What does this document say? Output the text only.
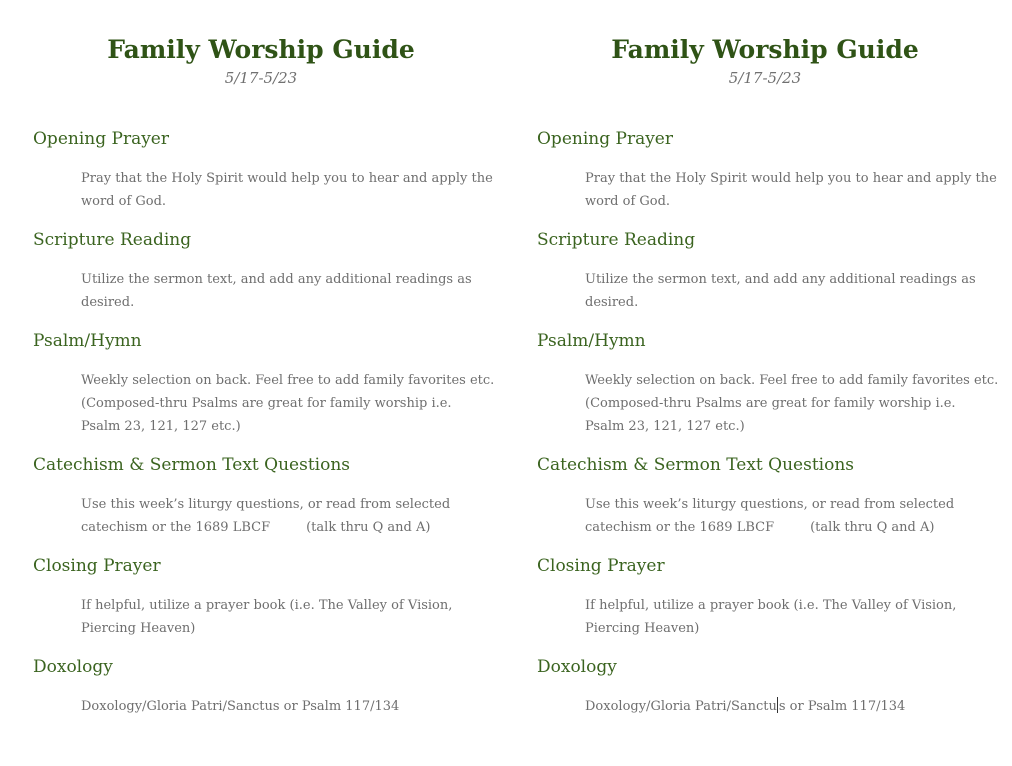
Family Worship Guide
5/17-5/23
Opening Prayer
Pray that the Holy Spirit would help you to hear and apply the
word of God.
Scripture Reading
Utilize the sermon text, and add any additional readings as
desired.
Psalm/Hymn
Weekly selection on back. Feel free to add family favorites etc.
(Composed-thru Psalms are great for family worship i.e.
Psalm 23, 121, 127 etc.)
Catechism & Sermon Text Questions
Use this week’s liturgy questions, or read from selected
catechism or the 1689 LBCF	(talk thru Q and A)
Closing Prayer
If helpful, utilize a prayer book (i.e. The Valley of Vision,
Piercing Heaven)
Doxology
Doxology/Gloria Patri/Sanctus or Psalm 117/134
Family Worship Guide
5/17-5/23
Opening Prayer
Pray that the Holy Spirit would help you to hear and apply the
word of God.
Scripture Reading
Utilize the sermon text, and add any additional readings as
desired.
Psalm/Hymn
Weekly selection on back. Feel free to add family favorites etc.
(Composed-thru Psalms are great for family worship i.e.
Psalm 23, 121, 127 etc.)
Catechism & Sermon Text Questions
Use this week’s liturgy questions, or read from selected
catechism or the 1689 LBCF	(talk thru Q and A)
Closing Prayer
If helpful, utilize a prayer book (i.e. The Valley of Vision,
Piercing Heaven)
Doxology
Doxology/Gloria Patri/Sanctu s or Psalm 117/134
